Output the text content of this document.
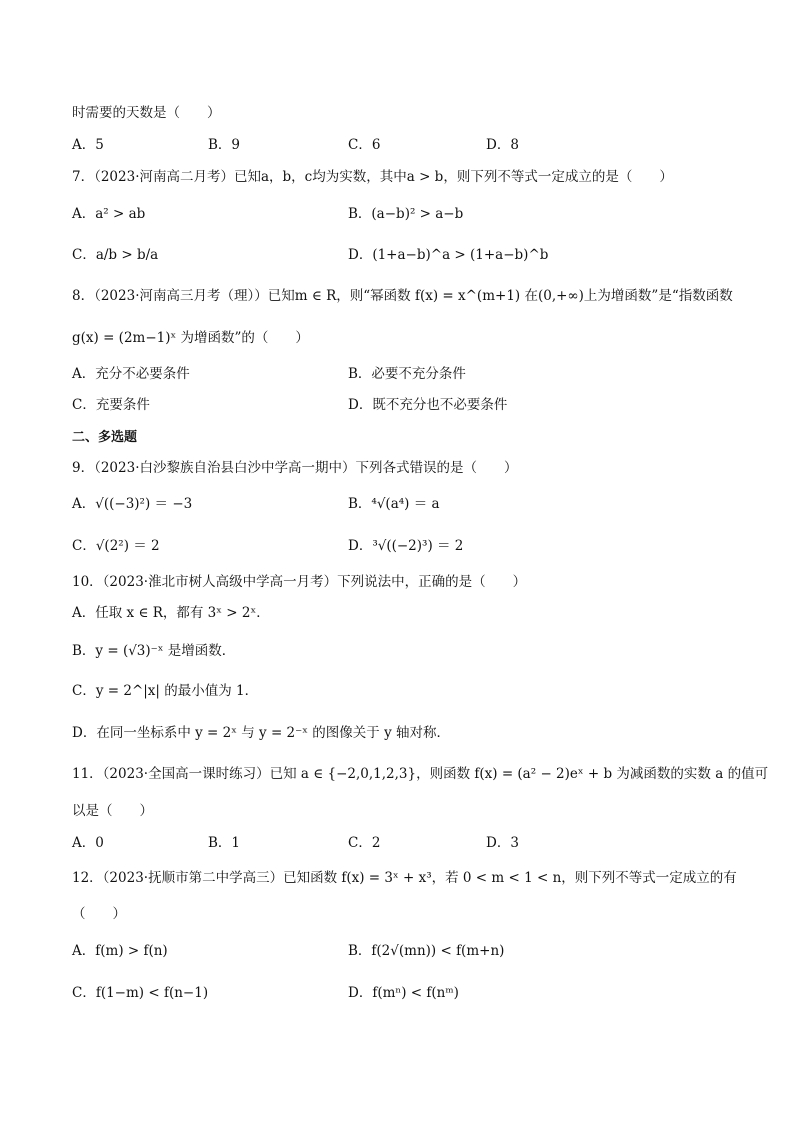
时需要的天数是（　　）
A．5	B．9	C．6	D．8
7．（2023·河南高二月考）已知a，b，c均为实数，其中a > b，则下列不等式一定成立的是（　　）
A．a² > ab	B．(a−b)² > a−b
C．a/b > b/a	D．(1+a−b)^a > (1+a−b)^b
8．（2023·河南高三月考（理））已知m ∈ R，则“幂函数 f(x) = x^(m+1) 在(0,+∞)上为增函数”是“指数函数
g(x) = (2m−1)ˣ 为增函数”的（　　）
A．充分不必要条件	B．必要不充分条件
C．充要条件	D．既不充分也不必要条件
二、多选题
9．（2023·白沙黎族自治县白沙中学高一期中）下列各式错误的是（　　）
A．√((−3)²) ＝ −3	B．⁴√(a⁴) ＝ a
C．√(2²) ＝ 2	D．³√((−2)³) ＝ 2
10．（2023·淮北市树人高级中学高一月考）下列说法中，正确的是（　　）
A．任取 x ∈ R，都有 3ˣ > 2ˣ．
B．y = (√3)⁻ˣ 是增函数．
C．y = 2^|x| 的最小值为 1．
D．在同一坐标系中 y = 2ˣ 与 y = 2⁻ˣ 的图像关于 y 轴对称．
11．（2023·全国高一课时练习）已知 a ∈ {−2,0,1,2,3}，则函数 f(x) = (a² − 2)eˣ + b 为减函数的实数 a 的值可
以是（　　）
A．0	B．1	C．2	D．3
12．（2023·抚顺市第二中学高三）已知函数 f(x) = 3ˣ + x³，若 0 < m < 1 < n，则下列不等式一定成立的有
（　　）
A．f(m) > f(n)	B．f(2√(mn)) < f(m+n)
C．f(1−m) < f(n−1)	D．f(mⁿ) < f(nᵐ)
